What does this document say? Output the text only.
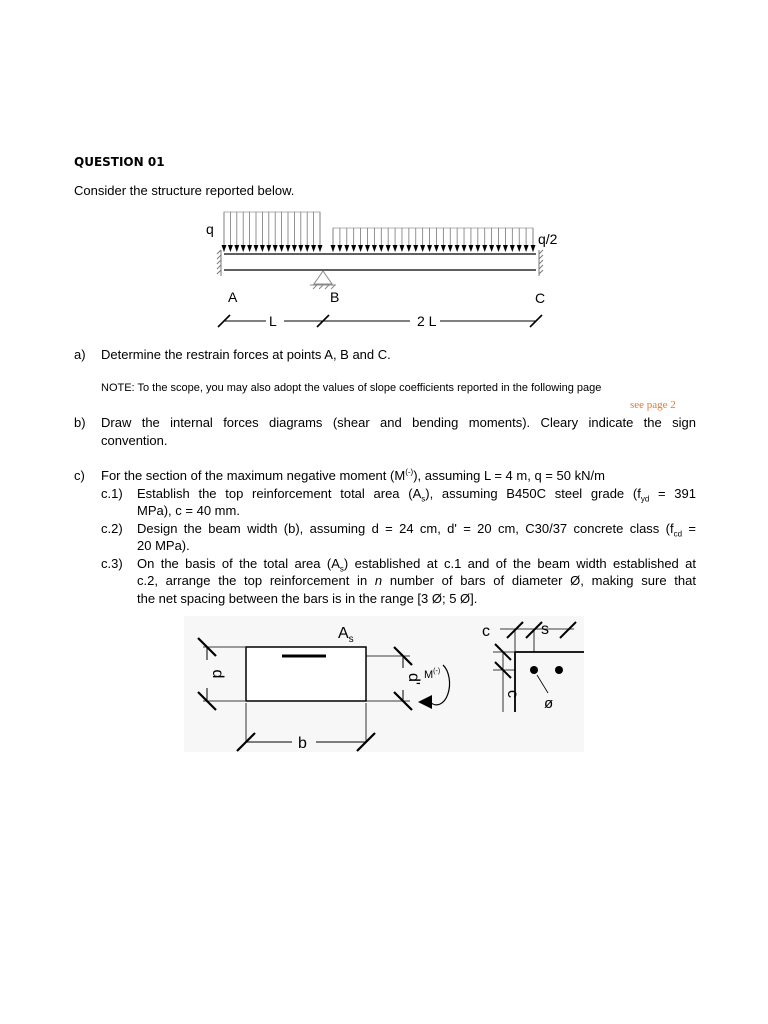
QUESTION 01
Consider the structure reported below.
q
q/2
A	B	C
L	2 L
a) Determine the restrain forces at points A, B and C.
NOTE: To the scope, you may also adopt the values of slope coefficients reported in the following page
see page 2
b) Draw the internal forces diagrams (shear and bending moments). Cleary indicate the sign
convention.
c) For the section of the maximum negative moment (M(-)), assuming L = 4 m, q = 50 kN/m
c.1) Establish the top reinforcement total area $(A_s)$, assuming B450C steel grade ($f_{yd} = 391$
MPa), c = 40 mm.
c.2) Design the beam width (b), assuming d = 24 cm, d' = 20 cm, C30/37 concrete class ($f_{cd}$ =
20 MPa).
c.3) On the basis of the total area $(A_s)$ established at c.1 and of the beam width established at
c.2, arrange the top reinforcement in n number of bars of diameter Ø, making sure that
the net spacing between the bars is in the range [3 Ø; 5 Ø].
$A_s$
d	d' M(-)
b
c	s
c
ø
